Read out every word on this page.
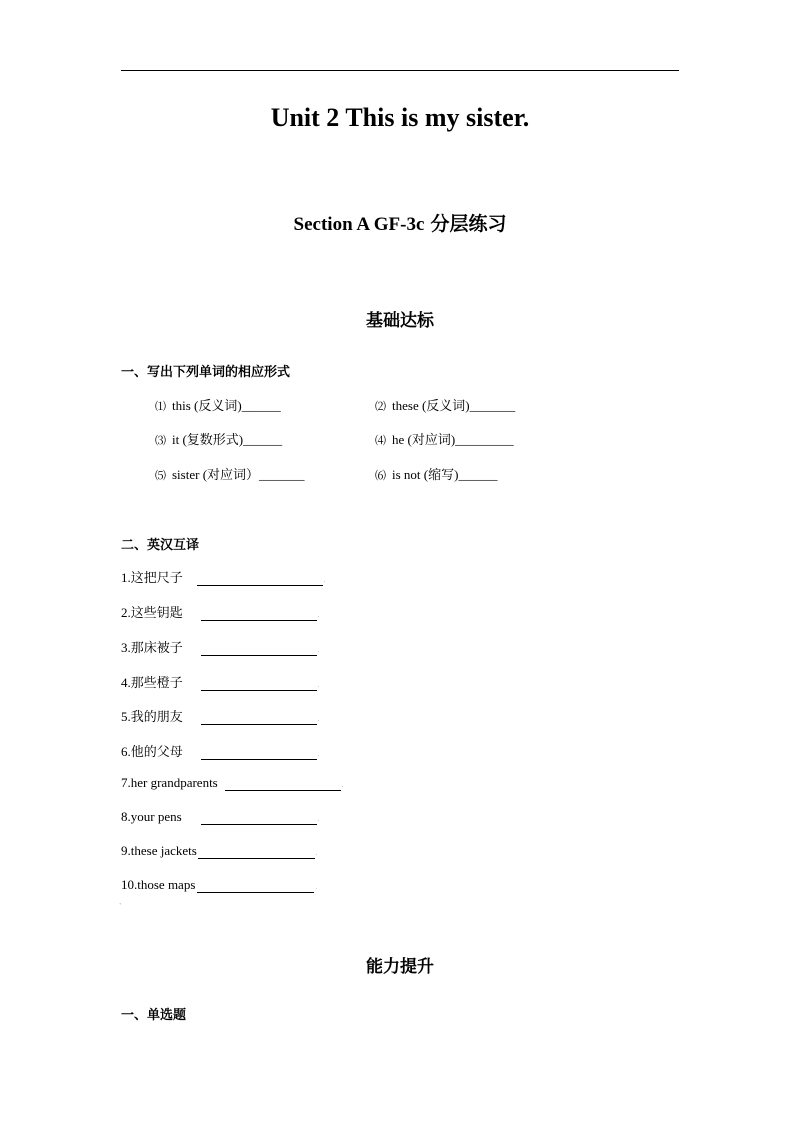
Unit 2 This is my sister.
Section A GF-3c 分层练习
基础达标
一、写出下列单词的相应形式
⑴ this (反义词)______	⑵ these (反义词)_______
⑶ it (复数形式)______	⑷ he (对应词)_________
⑸ sister (对应词）_______	⑹ is not (缩写)______
二、英汉互译
1.这把尺子	.
2.这些钥匙	.
3.那床被子	.
4.那些橙子	.
5.我的朋友	.
6.他的父母	.
7.her grandparents	.
8.your pens	.
9.these jackets	.
10.those maps	.
`
能力提升
一、单选题
